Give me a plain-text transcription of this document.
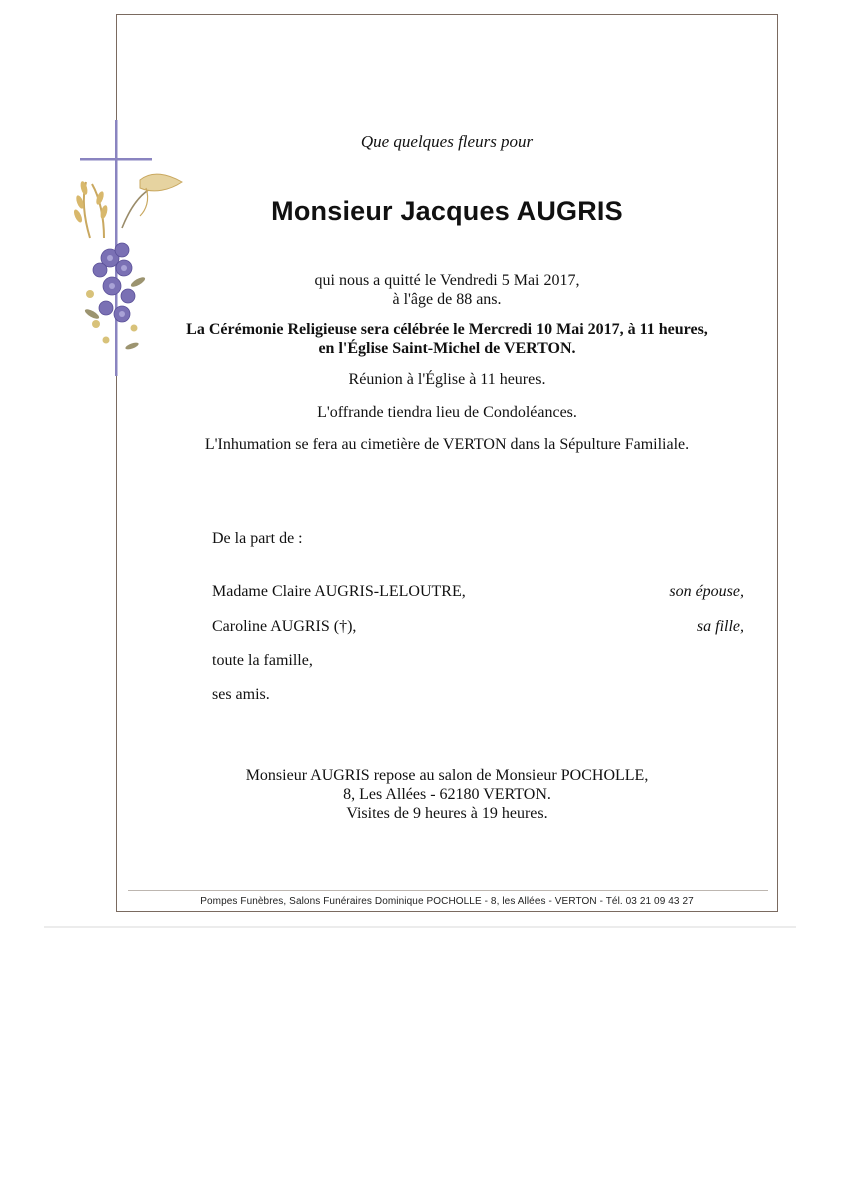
Que quelques fleurs pour
Monsieur Jacques AUGRIS
qui nous a quitté le Vendredi 5 Mai 2017,
à l'âge de 88 ans.
La Cérémonie Religieuse sera célébrée le Mercredi 10 Mai 2017, à 11 heures,
en l'Église Saint-Michel de VERTON.
Réunion à l'Église à 11 heures.
L'offrande tiendra lieu de Condoléances.
L'Inhumation se fera au cimetière de VERTON dans la Sépulture Familiale.
De la part de :
Madame Claire AUGRIS-LELOUTRE,	son épouse,
Caroline AUGRIS (†),	sa fille,
toute la famille,
ses amis.
Monsieur AUGRIS repose au salon de Monsieur POCHOLLE,
8, Les Allées - 62180 VERTON.
Visites de 9 heures à 19 heures.
Pompes Funèbres, Salons Funéraires Dominique POCHOLLE - 8, les Allées - VERTON - Tél. 03 21 09 43 27
